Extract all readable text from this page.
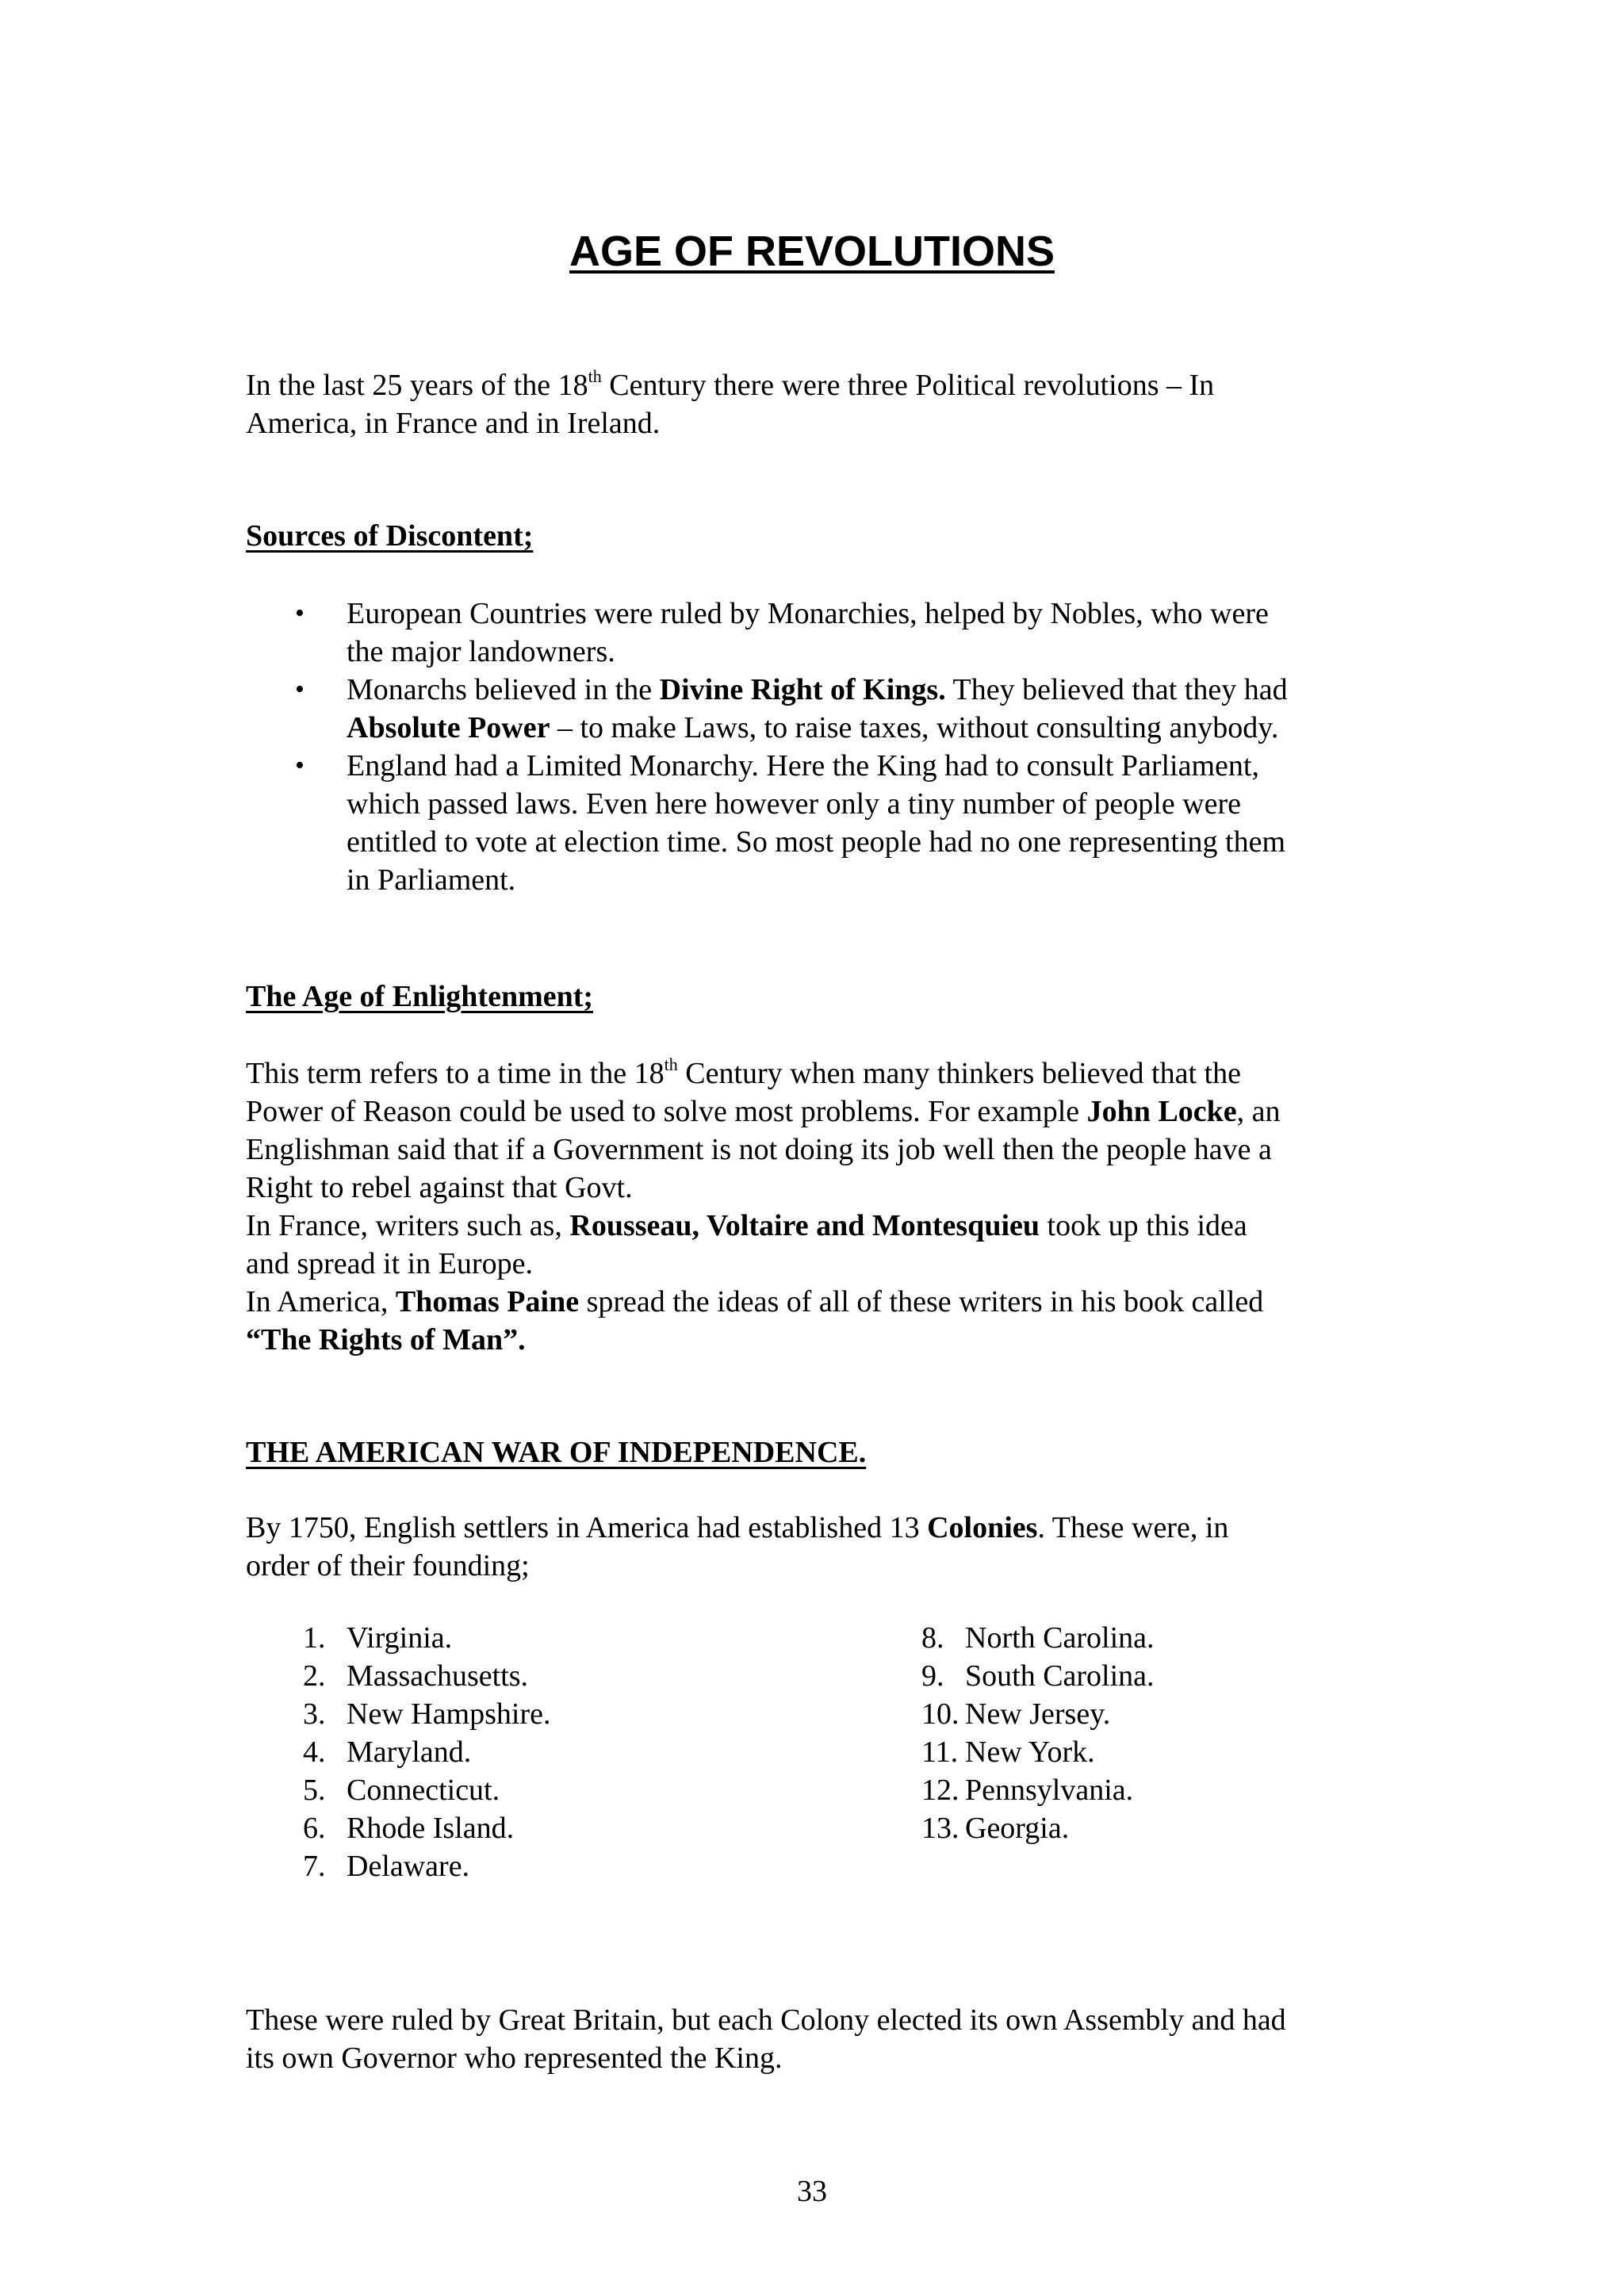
AGE OF REVOLUTIONS

In the last 25 years of the 18th Century there were three Political revolutions – In
America, in France and in Ireland.

Sources of Discontent;

• European Countries were ruled by Monarchies, helped by Nobles, who were
the major landowners.
• Monarchs believed in the Divine Right of Kings. They believed that they had
Absolute Power – to make Laws, to raise taxes, without consulting anybody.
• England had a Limited Monarchy. Here the King had to consult Parliament,
which passed laws. Even here however only a tiny number of people were
entitled to vote at election time. So most people had no one representing them
in Parliament.

The Age of Enlightenment;

This term refers to a time in the 18th Century when many thinkers believed that the
Power of Reason could be used to solve most problems. For example John Locke, an
Englishman said that if a Government is not doing its job well then the people have a
Right to rebel against that Govt.
In France, writers such as, Rousseau, Voltaire and Montesquieu took up this idea
and spread it in Europe.
In America, Thomas Paine spread the ideas of all of these writers in his book called
“The Rights of Man”.

THE AMERICAN WAR OF INDEPENDENCE.

By 1750, English settlers in America had established 13 Colonies. These were, in
order of their founding;

1. Virginia.
2. Massachusetts.
3. New Hampshire.
4. Maryland.
5. Connecticut.
6. Rhode Island.
7. Delaware.
8. North Carolina.
9. South Carolina.
10. New Jersey.
11. New York.
12. Pennsylvania.
13. Georgia.

These were ruled by Great Britain, but each Colony elected its own Assembly and had
its own Governor who represented the King.

33
